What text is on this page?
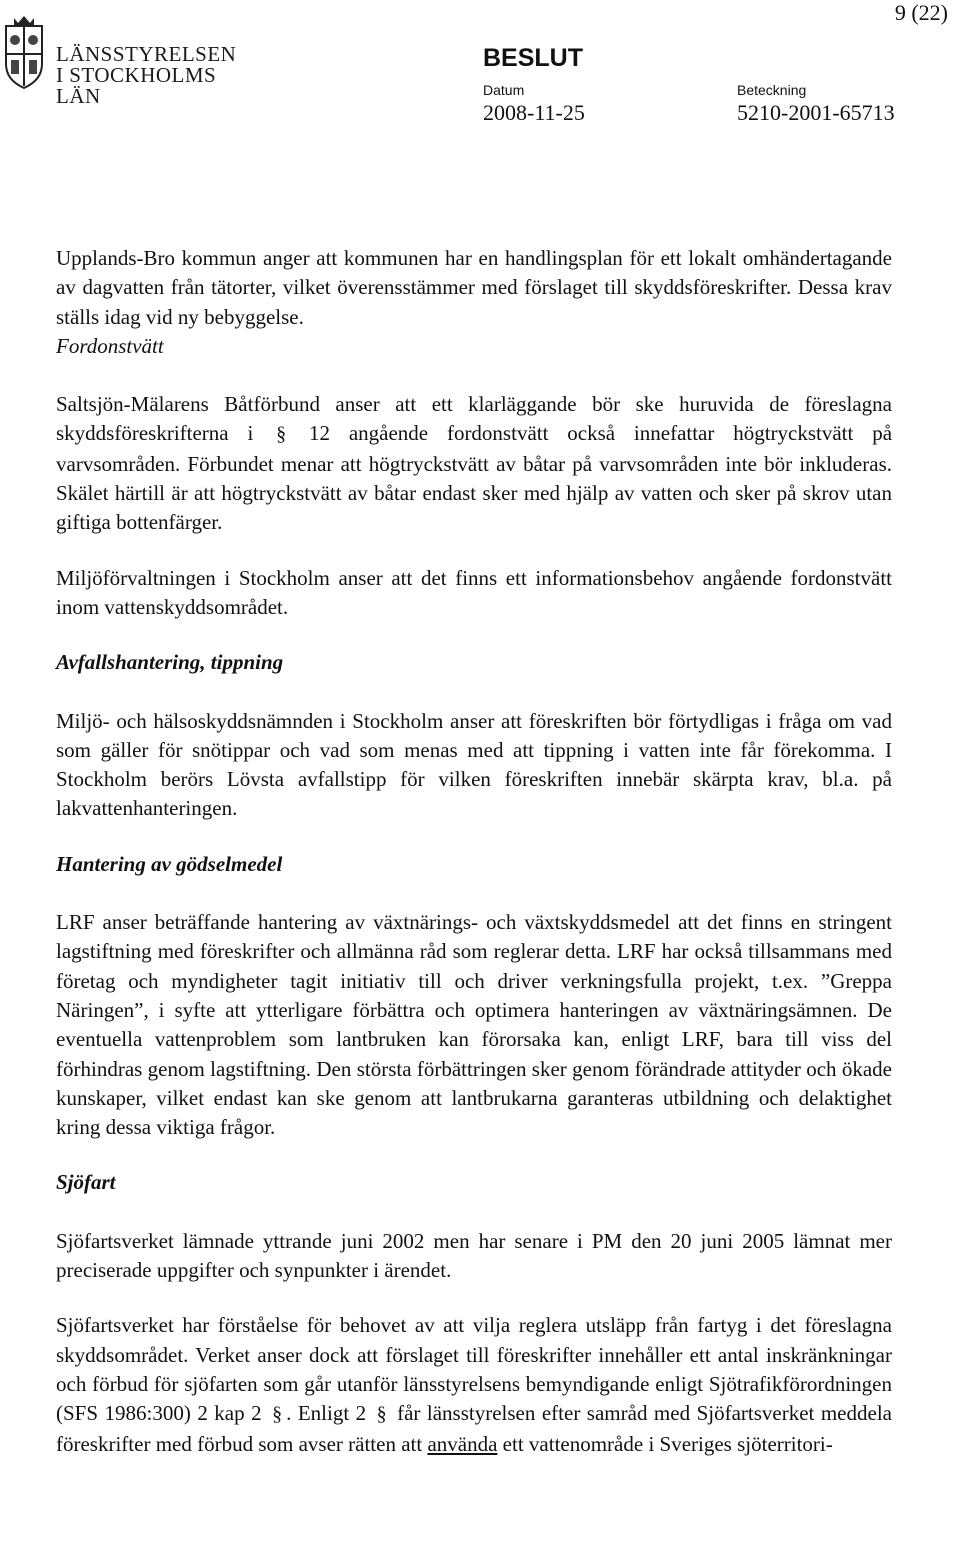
9 (22)
LÄNSSTYRELSEN
I STOCKHOLMS LÄN
BESLUT
Datum
2008-11-25
Beteckning
5210-2001-65713

Upplands-Bro kommun anger att kommunen har en handlingsplan för ett lokalt omhändertagande av dagvatten från tätorter, vilket överensstämmer med förslaget till skyddsföreskrifter. Dessa krav ställs idag vid ny bebyggelse.

Fordonstvätt

Saltsjön-Mälarens Båtförbund anser att ett klarläggande bör ske huruvida de föreslagna skyddsföreskrifterna i § 12 angående fordonstvätt också innefattar högtryckstvätt på varvsområden. Förbundet menar att högtryckstvätt av båtar på varvsområden inte bör inkluderas. Skälet härtill är att högtryckstvätt av båtar endast sker med hjälp av vatten och sker på skrov utan giftiga bottenfärger.

Miljöförvaltningen i Stockholm anser att det finns ett informationsbehov angående fordonstvätt inom vattenskyddsområdet.

Avfallshantering, tippning

Miljö- och hälsoskyddsnämnden i Stockholm anser att föreskriften bör förtydligas i fråga om vad som gäller för snötippar och vad som menas med att tippning i vatten inte får förekomma. I Stockholm berörs Lövsta avfallstipp för vilken föreskriften innebär skärpta krav, bl.a. på lakvattenhanteringen.

Hantering av gödselmedel

LRF anser beträffande hantering av växtnärings- och växtskyddsmedel att det finns en stringent lagstiftning med föreskrifter och allmänna råd som reglerar detta. LRF har också tillsammans med företag och myndigheter tagit initiativ till och driver verkningsfulla projekt, t.ex. ”Greppa Näringen”, i syfte att ytterligare förbättra och optimera hanteringen av växtnäringsämnen. De eventuella vattenproblem som lantbruken kan förorsaka kan, enligt LRF, bara till viss del förhindras genom lagstiftning. Den största förbättringen sker genom förändrade attityder och ökade kunskaper, vilket endast kan ske genom att lantbrukarna garanteras utbildning och delaktighet kring dessa viktiga frågor.

Sjöfart

Sjöfartsverket lämnade yttrande juni 2002 men har senare i PM den 20 juni 2005 lämnat mer preciserade uppgifter och synpunkter i ärendet.

Sjöfartsverket har förståelse för behovet av att vilja reglera utsläpp från fartyg i det föreslagna skyddsområdet. Verket anser dock att förslaget till föreskrifter innehåller ett antal inskränkningar och förbud för sjöfarten som går utanför länsstyrelsens bemyndigande enligt Sjötrafikförordningen (SFS 1986:300) 2 kap 2 § . Enligt 2 § får länsstyrelsen efter samråd med Sjöfartsverket meddela föreskrifter med förbud som avser rätten att använda ett vattenområde i Sveriges sjöterritori-
